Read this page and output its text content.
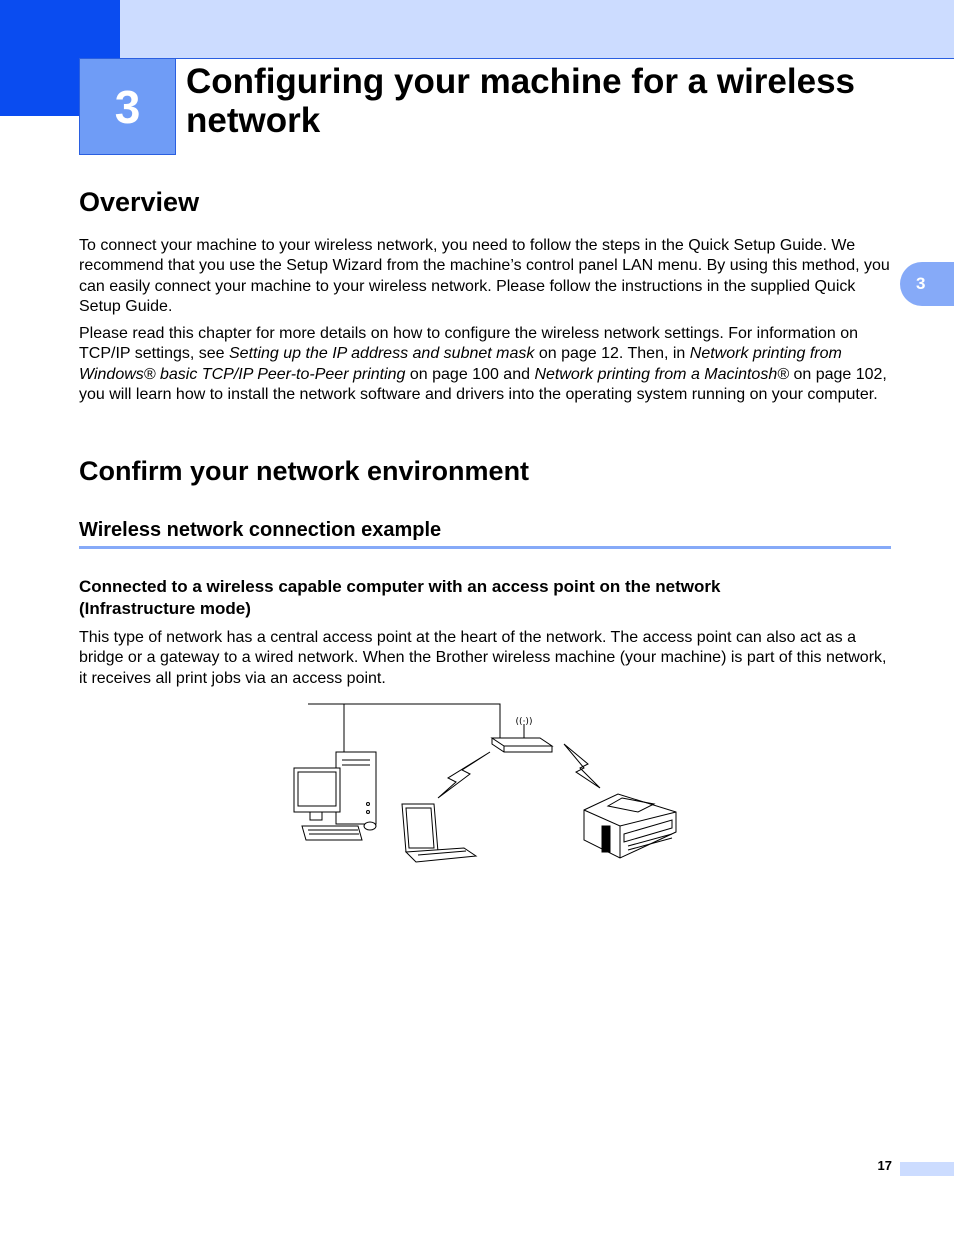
3 Configuring your machine for a wireless network
3
Overview

To connect your machine to your wireless network, you need to follow the steps in the Quick Setup Guide. We recommend that you use the Setup Wizard from the machine’s control panel LAN menu. By using this method, you can easily connect your machine to your wireless network. Please follow the instructions in the supplied Quick Setup Guide.

Please read this chapter for more details on how to configure the wireless network settings. For information on TCP/IP settings, see Setting up the IP address and subnet mask on page 12. Then, in Network printing from Windows® basic TCP/IP Peer-to-Peer printing on page 100 and Network printing from a Macintosh® on page 102, you will learn how to install the network software and drivers into the operating system running on your computer.

Confirm your network environment
Wireless network connection example
Connected to a wireless capable computer with an access point on the network (Infrastructure mode)

This type of network has a central access point at the heart of the network. The access point can also act as a bridge or a gateway to a wired network. When the Brother wireless machine (your machine) is part of this network, it receives all print jobs via an access point.

((·))
17
